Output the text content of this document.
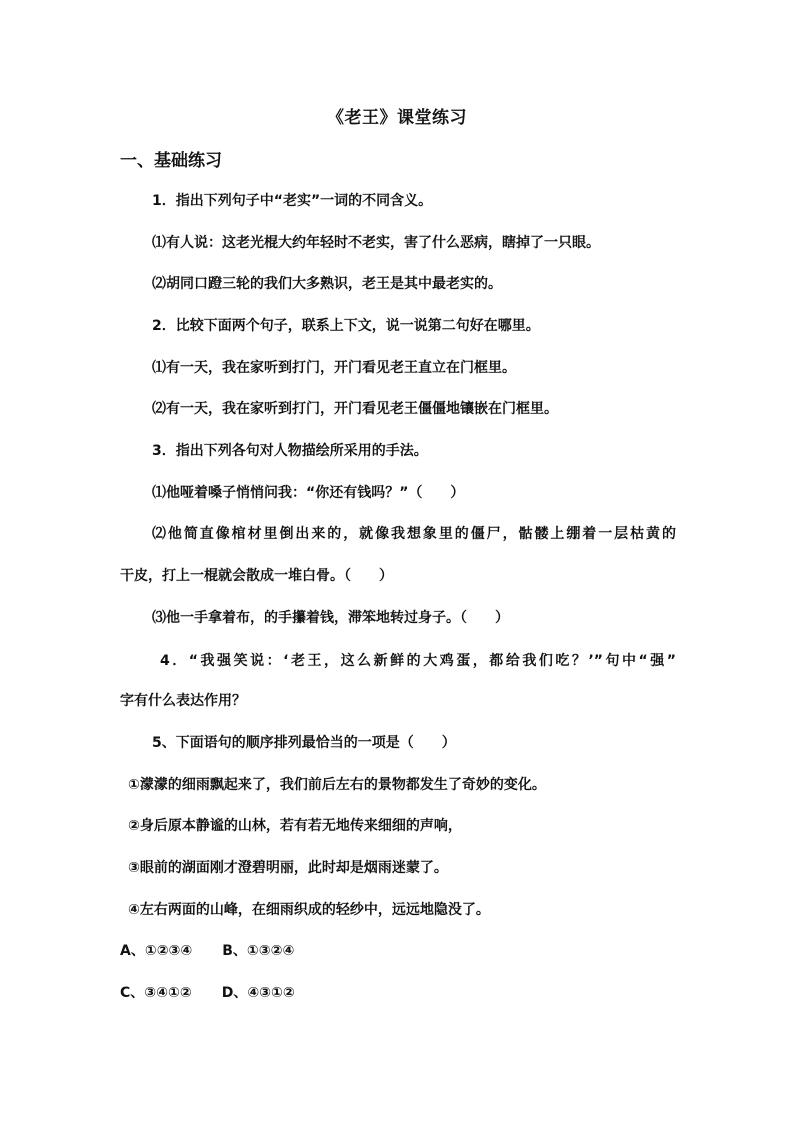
《老王》课堂练习
一、基础练习
1．指出下列句子中“老实”一词的不同含义。
⑴有人说：这老光棍大约年轻时不老实，害了什么恶病，瞎掉了一只眼。
⑵胡同口蹬三轮的我们大多熟识，老王是其中最老实的。
2．比较下面两个句子，联系上下文，说一说第二句好在哪里。
⑴有一天，我在家听到打门，开门看见老王直立在门框里。
⑵有一天，我在家听到打门，开门看见老王僵僵地镶嵌在门框里。
3．指出下列各句对人物描绘所采用的手法。
⑴他哑着嗓子悄悄问我：“你还有钱吗？”（　　）
⑵他简直像棺材里倒出来的，就像我想象里的僵尸，骷髅上绷着一层枯黄的
干皮，打上一棍就会散成一堆白骨。（　　）
⑶他一手拿着布，的手攥着钱，滞笨地转过身子。（　　）
4．“我强笑说：‘老王，这么新鲜的大鸡蛋，都给我们吃？’”句中“强”
字有什么表达作用？
5、下面语句的顺序排列最恰当的一项是（　　）
①濛濛的细雨飘起来了，我们前后左右的景物都发生了奇妙的变化。
②身后原本静谧的山林，若有若无地传来细细的声响，
③眼前的湖面刚才澄碧明丽，此时却是烟雨迷蒙了。
④左右两面的山峰，在细雨织成的轻纱中，远远地隐没了。
A、①②③④ B、①③②④
C、③④①② D、④③①②
